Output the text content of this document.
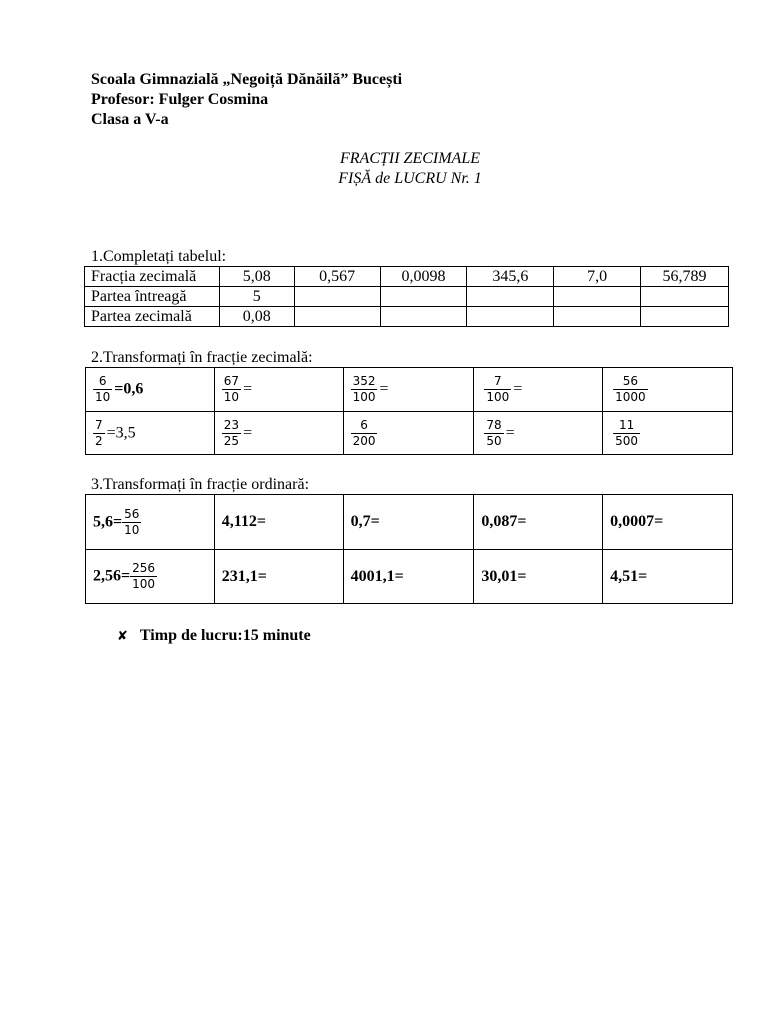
Scoala Gimnazială „Negoiță Dănăilă” Bucești
Profesor: Fulger Cosmina
Clasa a V-a
FRACȚII ZECIMALE
FIȘĂ de LUCRU Nr. 1
1.Completați tabelul:
Fracția zecimală	5,08	0,567	0,0098	345,6	7,0	56,789
Partea întreagă	5					
Partea zecimală	0,08					
2.Transformați în fracție zecimală:
$\frac{6}{10} =0,6$	$\frac{67}{10}$ =	$\frac{352}{100}$ =	$\frac{7}{100}$ =	$\frac{56}{1000}$

$\frac{7}{2} =3,5$	$\frac{23}{25}$ =	$\frac{6}{200}$	$\frac{78}{50}$ =	$\frac{11}{500}$
3.Transformați în fracție ordinară:
$5,6= \frac{56}{10}$	4,112=	0,7=	0,087=	0,0007=
$2,56= \frac{256}{100}$	231,1=	4001,1=	30,01=	4,51=
✘ Timp de lucru:15 minute
